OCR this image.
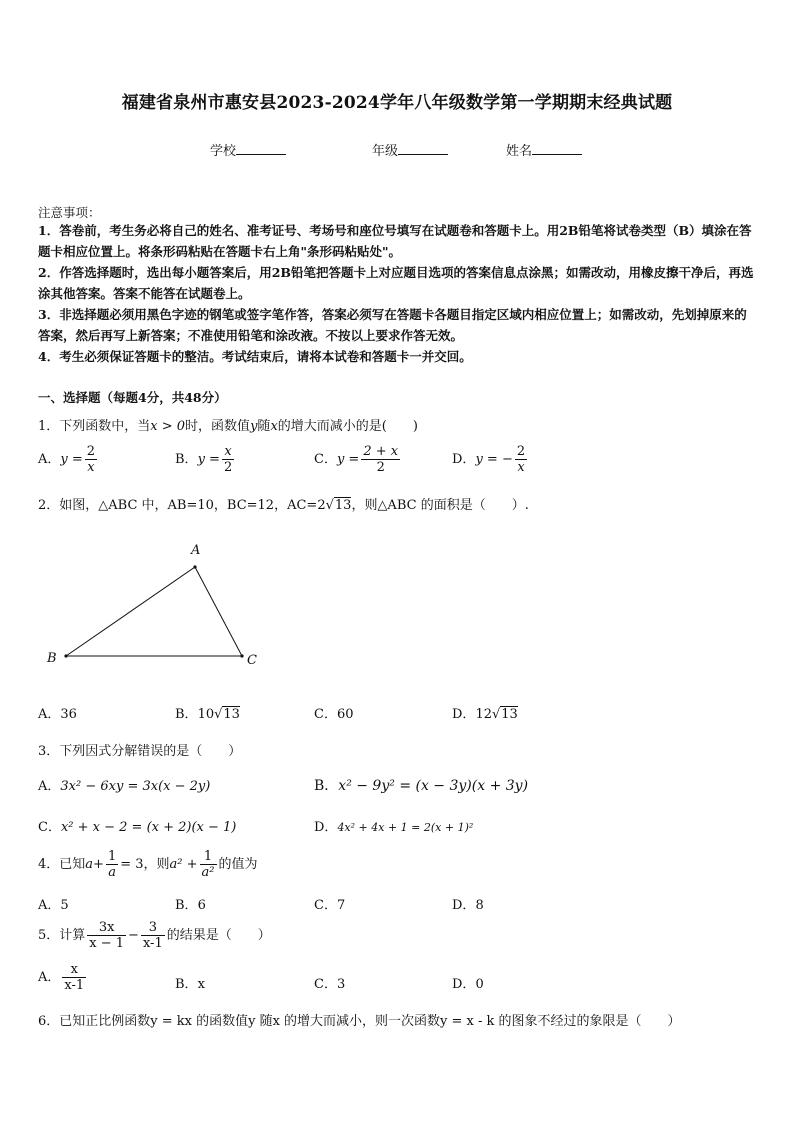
福建省泉州市惠安县2023-2024学年八年级数学第一学期期末经典试题
学校	年级	姓名
注意事项：
1．答卷前，考生务必将自己的姓名、准考证号、考场号和座位号填写在试题卷和答题卡上。用2B铅笔将试卷类型（B）填涂在答题卡相应位置上。将条形码粘贴在答题卡右上角"条形码粘贴处"。
2．作答选择题时，选出每小题答案后，用2B铅笔把答题卡上对应题目选项的答案信息点涂黑；如需改动，用橡皮擦干净后，再选涂其他答案。答案不能答在试题卷上。
3．非选择题必须用黑色字迹的钢笔或签字笔作答，答案必须写在答题卡各题目指定区域内相应位置上；如需改动，先划掉原来的答案，然后再写上新答案；不准使用铅笔和涂改液。不按以上要求作答无效。
4．考生必须保证答题卡的整洁。考试结束后，请将本试卷和答题卡一并交回。
一、选择题（每题4分，共48分）
1．下列函数中，当x > 0时，函数值y随x的增大而减小的是(　　)
A．$y = \frac{2}{x}$	B．$y = \frac{x}{2}$	C．$y = \frac{2 + x}{2}$	D．y = − $\frac{2}{x}$
2．如图，△ABC 中，AB=10，BC=12，AC=2√13，则△ABC 的面积是（　　）.
A
B	C
A．36	B．10√13	C．60	D．12√13
3．下列因式分解错误的是（　　）
A．3x² − 6xy = 3x(x − 2y)	B．x² − 9y² = (x − 3y)(x + 3y)
C．x² + x − 2 = (x + 2)(x − 1)	D．4x² + 4x + 1 = 2(x + 1)²
4．已知$a+ \frac{1}{a} = 3$，则$a^2 + \frac{1}{\text{a²}}$ 的值为
A．5	B．6	C．7	D．8
5．计算 $\frac{3x}{x - 1} - \frac{3}{x-1}$ 的结果是（　　）
A． $\frac{x}{x-1}$	B．x	C．3	D．0
6．已知正比例函数y = kx 的函数值y 随x 的增大而减小，则一次函数y = x - k 的图象不经过的象限是（　　）
